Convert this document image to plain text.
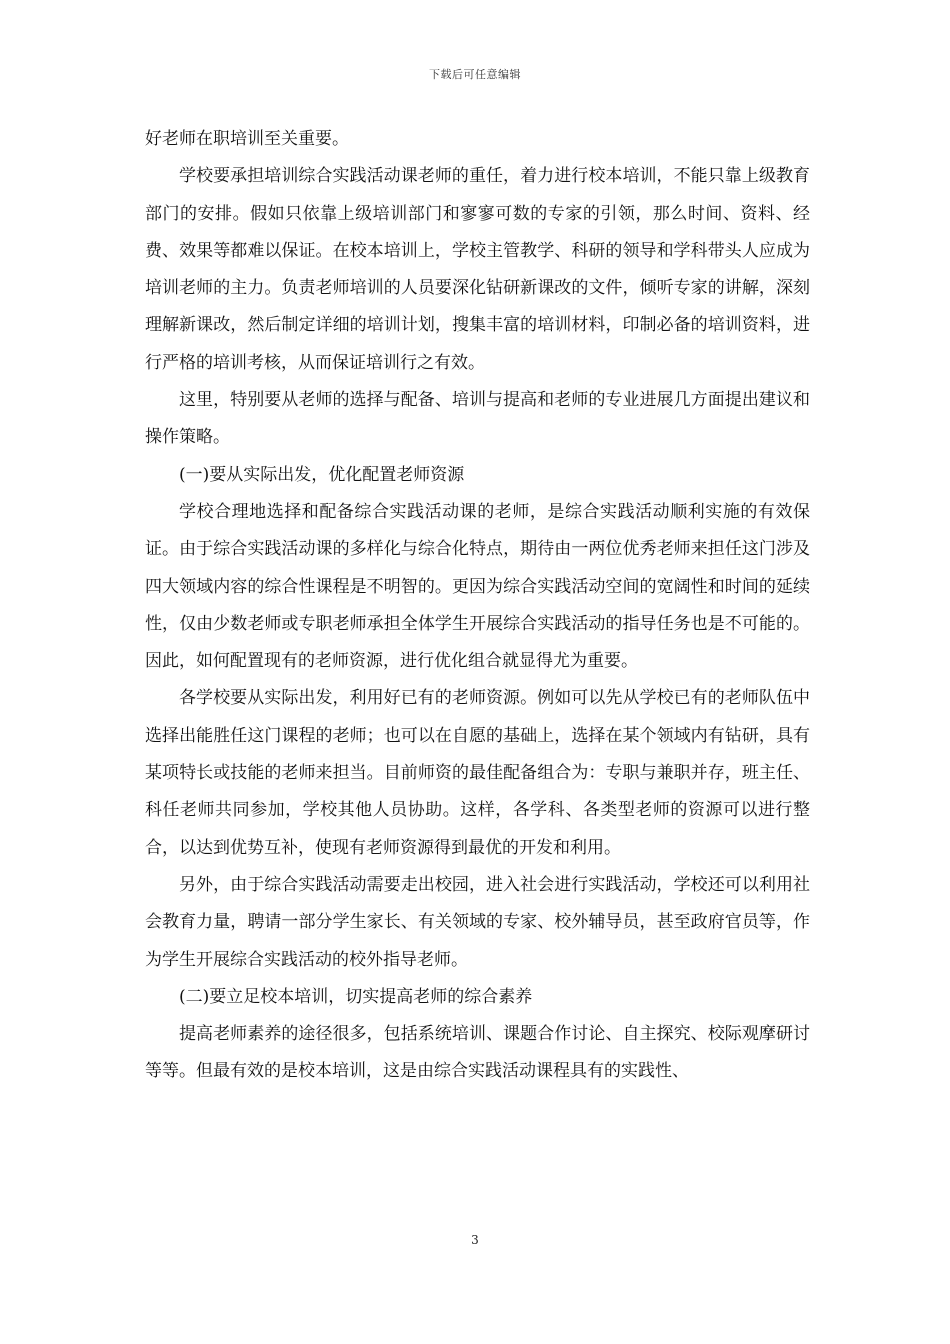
下载后可任意编辑

好老师在职培训至关重要。

学校要承担培训综合实践活动课老师的重任，着力进行校本培训，不能只靠上级教育部门的安排。假如只依靠上级培训部门和寥寥可数的专家的引领，那么时间、资料、经费、效果等都难以保证。在校本培训上，学校主管教学、科研的领导和学科带头人应成为培训老师的主力。负责老师培训的人员要深化钻研新课改的文件，倾听专家的讲解，深刻理解新课改，然后制定详细的培训计划，搜集丰富的培训材料，印制必备的培训资料，进行严格的培训考核，从而保证培训行之有效。

这里，特别要从老师的选择与配备、培训与提高和老师的专业进展几方面提出建议和操作策略。

(一)要从实际出发，优化配置老师资源

学校合理地选择和配备综合实践活动课的老师，是综合实践活动顺利实施的有效保证。由于综合实践活动课的多样化与综合化特点，期待由一两位优秀老师来担任这门涉及四大领域内容的综合性课程是不明智的。更因为综合实践活动空间的宽阔性和时间的延续性，仅由少数老师或专职老师承担全体学生开展综合实践活动的指导任务也是不可能的。因此，如何配置现有的老师资源，进行优化组合就显得尤为重要。

各学校要从实际出发，利用好已有的老师资源。例如可以先从学校已有的老师队伍中选择出能胜任这门课程的老师；也可以在自愿的基础上，选择在某个领域内有钻研，具有某项特长或技能的老师来担当。目前师资的最佳配备组合为：专职与兼职并存，班主任、科任老师共同参加，学校其他人员协助。这样，各学科、各类型老师的资源可以进行整合，以达到优势互补，使现有老师资源得到最优的开发和利用。

另外，由于综合实践活动需要走出校园，进入社会进行实践活动，学校还可以利用社会教育力量，聘请一部分学生家长、有关领域的专家、校外辅导员，甚至政府官员等，作为学生开展综合实践活动的校外指导老师。

(二)要立足校本培训，切实提高老师的综合素养

提高老师素养的途径很多，包括系统培训、课题合作讨论、自主探究、校际观摩研讨等等。但最有效的是校本培训，这是由综合实践活动课程具有的实践性、

3
